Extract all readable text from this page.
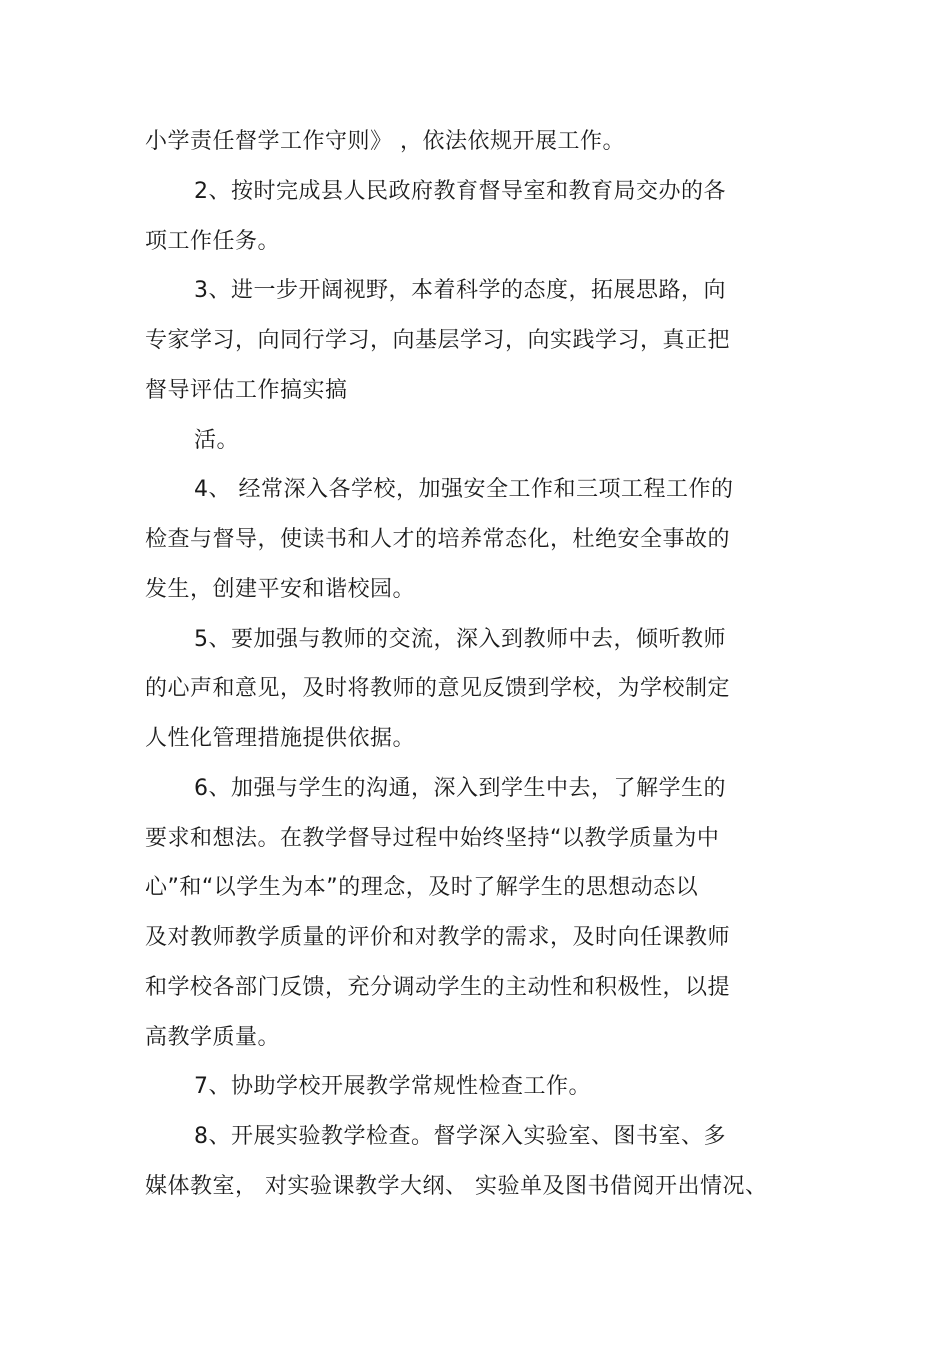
小学责任督学工作守则》 ，依法依规开展工作。
2、按时完成县人民政府教育督导室和教育局交办的各
项工作任务。
3、进一步开阔视野，本着科学的态度，拓展思路，向
专家学习，向同行学习，向基层学习，向实践学习，真正把
督导评估工作搞实搞
活。
4、 经常深入各学校，加强安全工作和三项工程工作的
检查与督导，使读书和人才的培养常态化，杜绝安全事故的
发生，创建平安和谐校园。
5、要加强与教师的交流，深入到教师中去，倾听教师
的心声和意见，及时将教师的意见反馈到学校，为学校制定
人性化管理措施提供依据。
6、加强与学生的沟通，深入到学生中去，了解学生的
要求和想法。在教学督导过程中始终坚持“以教学质量为中
心”和“以学生为本”的理念，及时了解学生的思想动态以
及对教师教学质量的评价和对教学的需求，及时向任课教师
和学校各部门反馈，充分调动学生的主动性和积极性，以提
高教学质量。
7、协助学校开展教学常规性检查工作。
8、开展实验教学检查。督学深入实验室、图书室、多
媒体教室， 对实验课教学大纲、 实验单及图书借阅开出情况、
